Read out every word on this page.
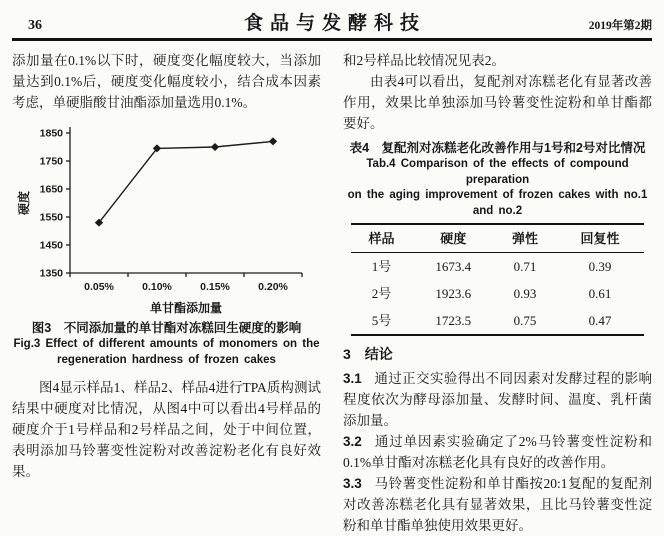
36	食品与发酵科技	2019年第2期

添加量在0.1%以下时，硬度变化幅度较大，当添加量达到0.1%后，硬度变化幅度较小，结合成本因素考虑，单硬脂酸甘油酯添加量选用0.1%。

1350
1450
1550
1650
1750
1850
0.05%	0.10%	0.15%	0.20%
单甘酯添加量
硬度
图3　不同添加量的单甘酯对冻糕回生硬度的影响
Fig.3 Effect of different amounts of monomers on the
regeneration hardness of frozen cakes

图4显示样品1、样品2、样品4进行TPA质构测试结果中硬度对比情况，从图4中可以看出4号样品的硬度介于1号样品和2号样品之间，处于中间位置，表明添加马铃薯变性淀粉对改善淀粉老化有良好效果。

和2号样品比较情况见表2。

由表4可以看出，复配剂对冻糕老化有显著改善作用，效果比单独添加马铃薯变性淀粉和单甘酯都要好。

表4　复配剂对冻糕老化改善作用与1号和2号对比情况
Tab.4 Comparison of the effects of compound preparation
on the aging improvement of frozen cakes with no.1
and no.2
样品	硬度	弹性	回复性
1号	1673.4	0.71	0.39
2号	1923.6	0.93	0.61
5号	1723.5	0.75	0.47
3 结论

3.1 通过正交实验得出不同因素对发酵过程的影响程度依次为酵母添加量、发酵时间、温度、乳杆菌添加量。

3.2 通过单因素实验确定了2%马铃薯变性淀粉和0.1%单甘酯对冻糕老化具有良好的改善作用。

3.3 马铃薯变性淀粉和单甘酯按20:1复配的复配剂对改善冻糕老化具有显著效果，且比马铃薯变性淀粉和单甘酯单独使用效果更好。
